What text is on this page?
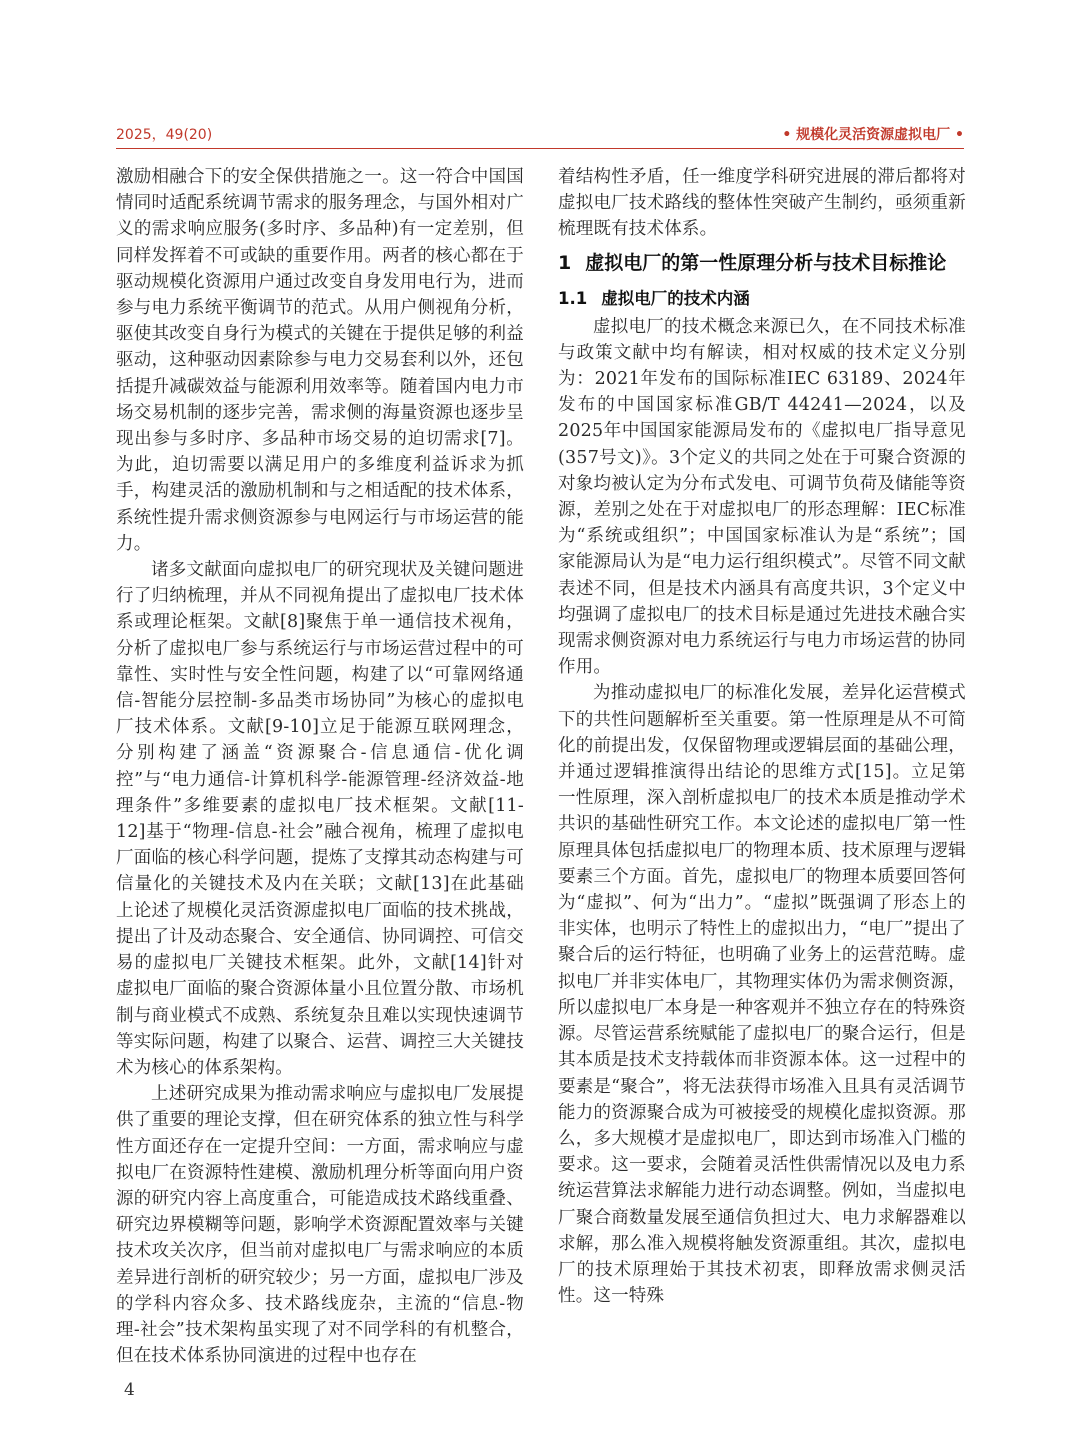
2025，49(20)	• 规模化灵活资源虚拟电厂 •

激励相融合下的安全保供措施之一。这一符合中国国情同时适配系统调节需求的服务理念，与国外相对广义的需求响应服务(多时序、多品种)有一定差别，但同样发挥着不可或缺的重要作用。两者的核心都在于驱动规模化资源用户通过改变自身发用电行为，进而参与电力系统平衡调节的范式。从用户侧视角分析，驱使其改变自身行为模式的关键在于提供足够的利益驱动，这种驱动因素除参与电力交易套利以外，还包括提升减碳效益与能源利用效率等。随着国内电力市场交易机制的逐步完善，需求侧的海量资源也逐步呈现出参与多时序、多品种市场交易的迫切需求[7]。为此，迫切需要以满足用户的多维度利益诉求为抓手，构建灵活的激励机制和与之相适配的技术体系，系统性提升需求侧资源参与电网运行与市场运营的能力。

诸多文献面向虚拟电厂的研究现状及关键问题进行了归纳梳理，并从不同视角提出了虚拟电厂技术体系或理论框架。文献[8]聚焦于单一通信技术视角，分析了虚拟电厂参与系统运行与市场运营过程中的可靠性、实时性与安全性问题，构建了以“可靠网络通信-智能分层控制-多品类市场协同”为核心的虚拟电厂技术体系。文献[9-10]立足于能源互联网理念，分别构建了涵盖“资源聚合-信息通信-优化调控”与“电力通信-计算机科学-能源管理-经济效益-地理条件”多维要素的虚拟电厂技术框架。文献[11-12]基于“物理-信息-社会”融合视角，梳理了虚拟电厂面临的核心科学问题，提炼了支撑其动态构建与可信量化的关键技术及内在关联；文献[13]在此基础上论述了规模化灵活资源虚拟电厂面临的技术挑战，提出了计及动态聚合、安全通信、协同调控、可信交易的虚拟电厂关键技术框架。此外，文献[14]针对虚拟电厂面临的聚合资源体量小且位置分散、市场机制与商业模式不成熟、系统复杂且难以实现快速调节等实际问题，构建了以聚合、运营、调控三大关键技术为核心的体系架构。

上述研究成果为推动需求响应与虚拟电厂发展提供了重要的理论支撑，但在研究体系的独立性与科学性方面还存在一定提升空间：一方面，需求响应与虚拟电厂在资源特性建模、激励机理分析等面向用户资源的研究内容上高度重合，可能造成技术路线重叠、研究边界模糊等问题，影响学术资源配置效率与关键技术攻关次序，但当前对虚拟电厂与需求响应的本质差异进行剖析的研究较少；另一方面，虚拟电厂涉及的学科内容众多、技术路线庞杂，主流的“信息-物理-社会”技术架构虽实现了对不同学科的有机整合，但在技术体系协同演进的过程中也存在

着结构性矛盾，任一维度学科研究进展的滞后都将对虚拟电厂技术路线的整体性突破产生制约，亟须重新梳理既有技术体系。

1 虚拟电厂的第一性原理分析与技术目标推论
1.1 虚拟电厂的技术内涵

虚拟电厂的技术概念来源已久，在不同技术标准与政策文献中均有解读，相对权威的技术定义分别为：2021年发布的国际标准IEC 63189、2024年发布的中国国家标准GB/T 44241—2024，以及2025年中国国家能源局发布的《虚拟电厂指导意见(357号文)》。3个定义的共同之处在于可聚合资源的对象均被认定为分布式发电、可调节负荷及储能等资源，差别之处在于对虚拟电厂的形态理解：IEC标准为“系统或组织”；中国国家标准认为是“系统”；国家能源局认为是“电力运行组织模式”。尽管不同文献表述不同，但是技术内涵具有高度共识，3个定义中均强调了虚拟电厂的技术目标是通过先进技术融合实现需求侧资源对电力系统运行与电力市场运营的协同作用。

为推动虚拟电厂的标准化发展，差异化运营模式下的共性问题解析至关重要。第一性原理是从不可简化的前提出发，仅保留物理或逻辑层面的基础公理，并通过逻辑推演得出结论的思维方式[15]。立足第一性原理，深入剖析虚拟电厂的技术本质是推动学术共识的基础性研究工作。本文论述的虚拟电厂第一性原理具体包括虚拟电厂的物理本质、技术原理与逻辑要素三个方面。首先，虚拟电厂的物理本质要回答何为“虚拟”、何为“出力”。“虚拟”既强调了形态上的非实体，也明示了特性上的虚拟出力，“电厂”提出了聚合后的运行特征，也明确了业务上的运营范畴。虚拟电厂并非实体电厂，其物理实体仍为需求侧资源，所以虚拟电厂本身是一种客观并不独立存在的特殊资源。尽管运营系统赋能了虚拟电厂的聚合运行，但是其本质是技术支持载体而非资源本体。这一过程中的要素是“聚合”，将无法获得市场准入且具有灵活调节能力的资源聚合成为可被接受的规模化虚拟资源。那么，多大规模才是虚拟电厂，即达到市场准入门槛的要求。这一要求，会随着灵活性供需情况以及电力系统运营算法求解能力进行动态调整。例如，当虚拟电厂聚合商数量发展至通信负担过大、电力求解器难以求解，那么准入规模将触发资源重组。其次，虚拟电厂的技术原理始于其技术初衷，即释放需求侧灵活性。这一特殊

4
